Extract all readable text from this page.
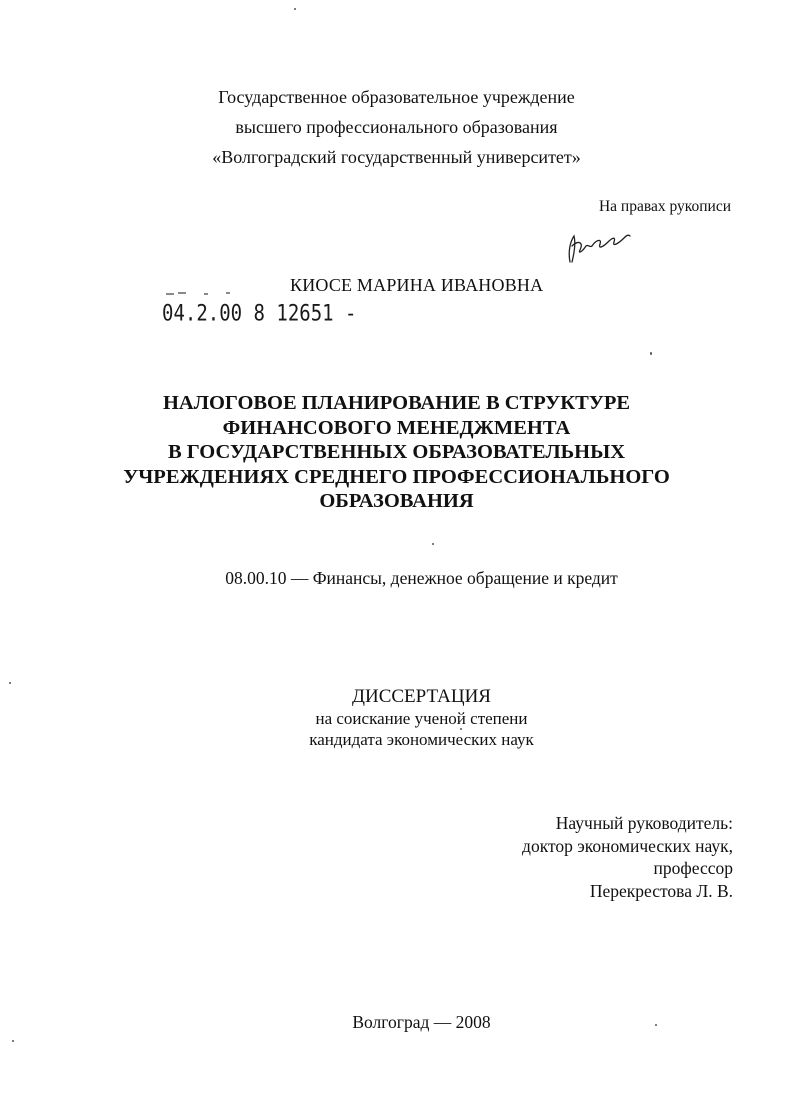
Государственное образовательное учреждение
высшего профессионального образования
«Волгоградский государственный университет»
На правах рукописи
КИОСЕ МАРИНА ИВАНОВНА
04.2.00 8 12651 -
НАЛОГОВОЕ ПЛАНИРОВАНИЕ В СТРУКТУРЕ
ФИНАНСОВОГО МЕНЕДЖМЕНТА
В ГОСУДАРСТВЕННЫХ ОБРАЗОВАТЕЛЬНЫХ
УЧРЕЖДЕНИЯХ СРЕДНЕГО ПРОФЕССИОНАЛЬНОГО
ОБРАЗОВАНИЯ
08.00.10 — Финансы, денежное обращение и кредит
ДИССЕРТАЦИЯ
на соискание ученой степени
кандидата экономических наук
Научный руководитель:
доктор экономических наук,
профессор
Перекрестова Л. В.
Волгоград — 2008
